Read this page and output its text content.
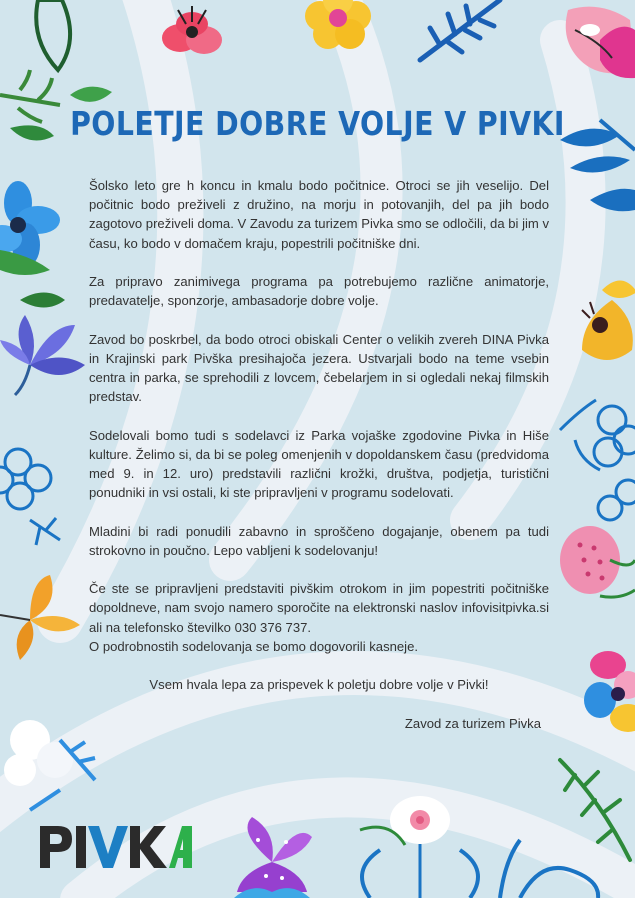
POLETJE DOBRE VOLJE V PIVKI

Šolsko leto gre h koncu in kmalu bodo počitnice. Otroci se jih veselijo. Del počitnic bodo preživeli z družino, na morju in potovanjih, del pa jih bodo zagotovo preživeli doma. V Zavodu za turizem Pivka smo se odločili, da bi jim v času, ko bodo v domačem kraju, popestrili počitniške dni.

Za pripravo zanimivega programa pa potrebujemo različne animatorje, predavatelje, sponzorje, ambasadorje dobre volje.

Zavod bo poskrbel, da bodo otroci obiskali Center o velikih zvereh DINA Pivka in Krajinski park Pivška presihajoča jezera. Ustvarjali bodo na teme vsebin centra in parka, se sprehodili z lovcem, čebelarjem in si ogledali nekaj filmskih predstav.

Sodelovali bomo tudi s sodelavci iz Parka vojaške zgodovine Pivka in Hiše kulture. Želimo si, da bi se poleg omenjenih v dopoldanskem času (predvidoma med 9. in 12. uro) predstavili različni krožki, društva, podjetja, turistični ponudniki in vsi ostali, ki ste pripravljeni v programu sodelovati.

Mladini bi radi ponudili zabavno in sproščeno dogajanje, obenem pa tudi strokovno in poučno. Lepo vabljeni k sodelovanju!

Če ste se pripravljeni predstaviti pivškim otrokom in jim popestriti počitniške dopoldneve, nam svojo namero sporočite na elektronski naslov infovisitpivka.si ali na telefonsko številko 030 376 737.
O podrobnostih sodelovanja se bomo dogovorili kasneje.

Vsem hvala lepa za prispevek k poletju dobre volje v Pivki!

Zavod za turizem Pivka
